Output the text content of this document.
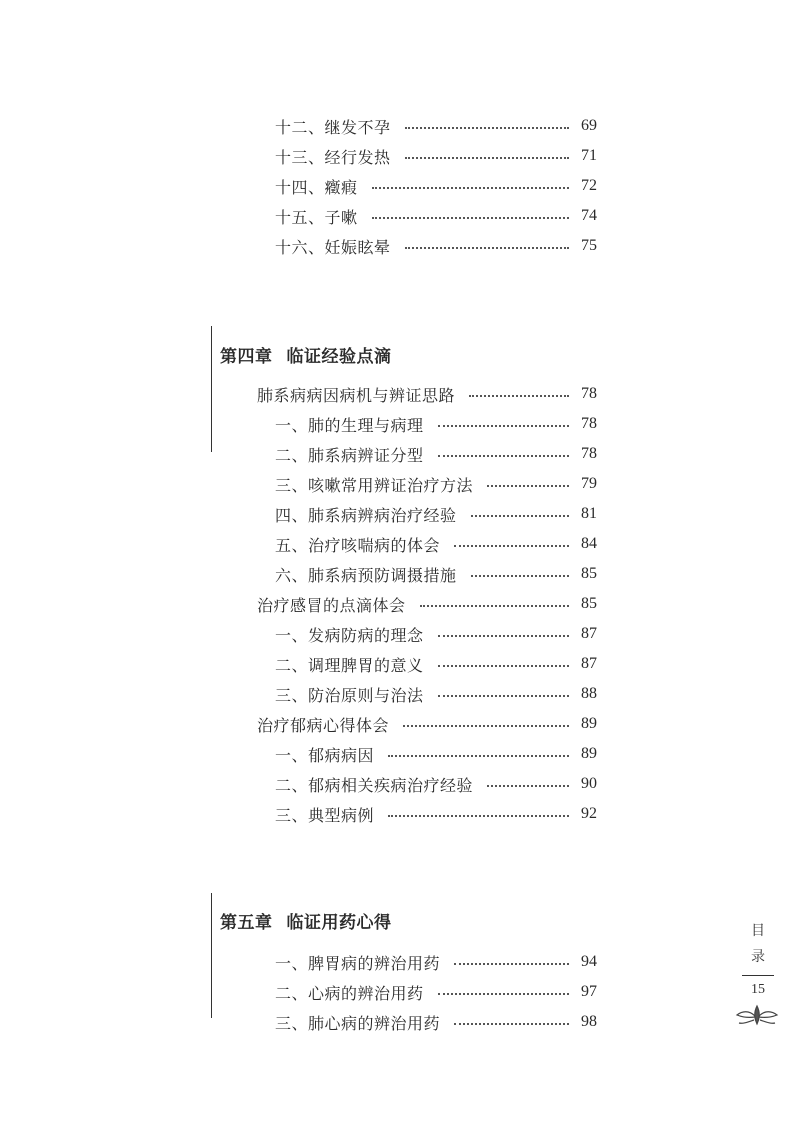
十二、继发不孕	69
十三、经行发热	71
十四、癥瘕	72
十五、子嗽	74
十六、妊娠眩晕	75
第四章 临证经验点滴
肺系病病因病机与辨证思路	78
一、肺的生理与病理	78
二、肺系病辨证分型	78
三、咳嗽常用辨证治疗方法	79
四、肺系病辨病治疗经验	81
五、治疗咳喘病的体会	84
六、肺系病预防调摄措施	85
治疗感冒的点滴体会	85
一、发病防病的理念	87
二、调理脾胃的意义	87
三、防治原则与治法	88
治疗郁病心得体会	89
一、郁病病因	89
二、郁病相关疾病治疗经验	90
三、典型病例	92
第五章 临证用药心得
一、脾胃病的辨治用药	94
二、心病的辨治用药	97
三、肺心病的辨治用药	98
目
录
15
